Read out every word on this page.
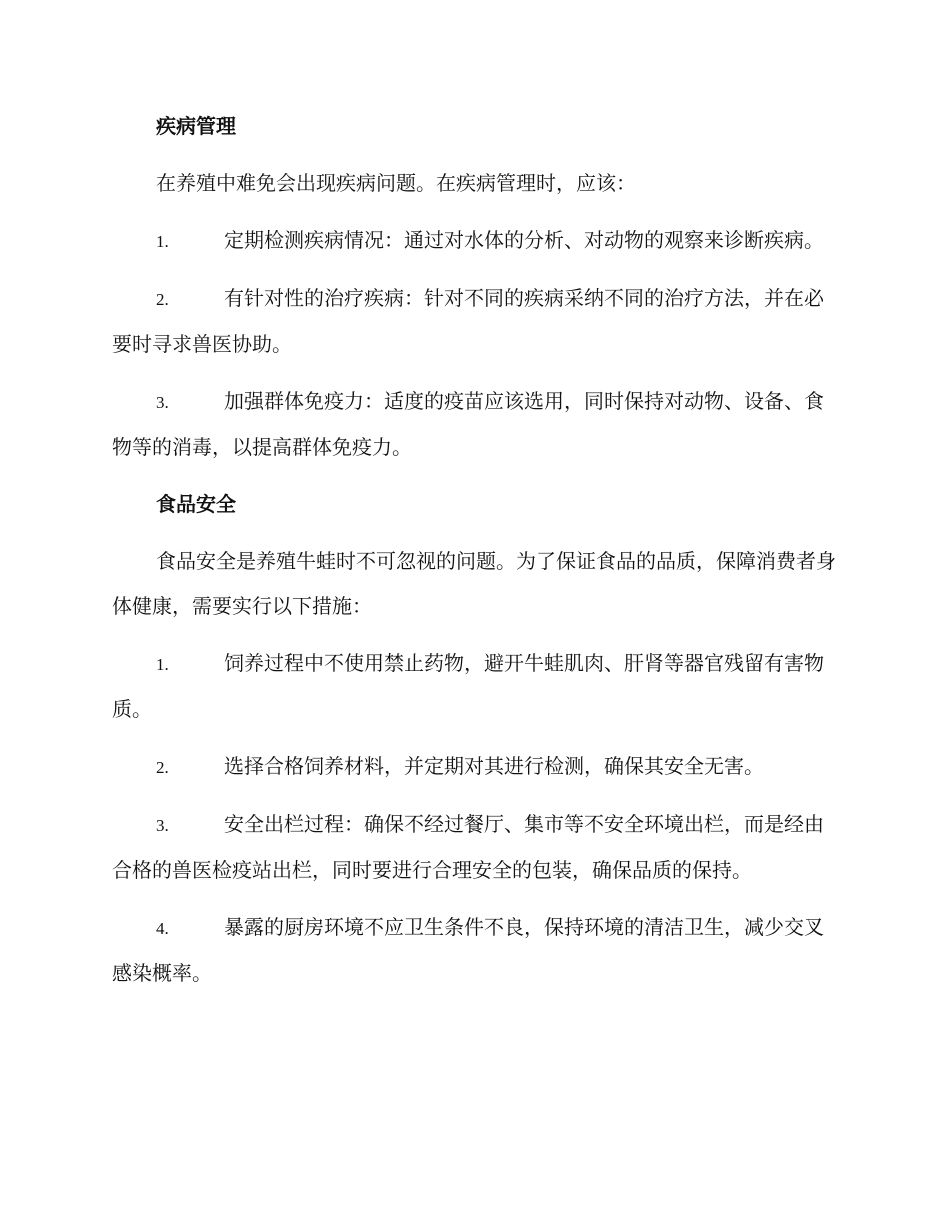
疾病管理

在养殖中难免会出现疾病问题。在疾病管理时，应该：

1.	定期检测疾病情况：通过对水体的分析、对动物的观察来诊断疾病。

2.	有针对性的治疗疾病：针对不同的疾病采纳不同的治疗方法，并在必要时寻求兽医协助。

3.	加强群体免疫力：适度的疫苗应该选用，同时保持对动物、设备、食物等的消毒，以提高群体免疫力。

食品安全

食品安全是养殖牛蛙时不可忽视的问题。为了保证食品的品质，保障消费者身体健康，需要实行以下措施：

1.	饲养过程中不使用禁止药物，避开牛蛙肌肉、肝肾等器官残留有害物质。

2.	选择合格饲养材料，并定期对其进行检测，确保其安全无害。

3.	安全出栏过程：确保不经过餐厅、集市等不安全环境出栏，而是经由合格的兽医检疫站出栏，同时要进行合理安全的包装，确保品质的保持。

4.	暴露的厨房环境不应卫生条件不良，保持环境的清洁卫生，减少交叉感染概率。
